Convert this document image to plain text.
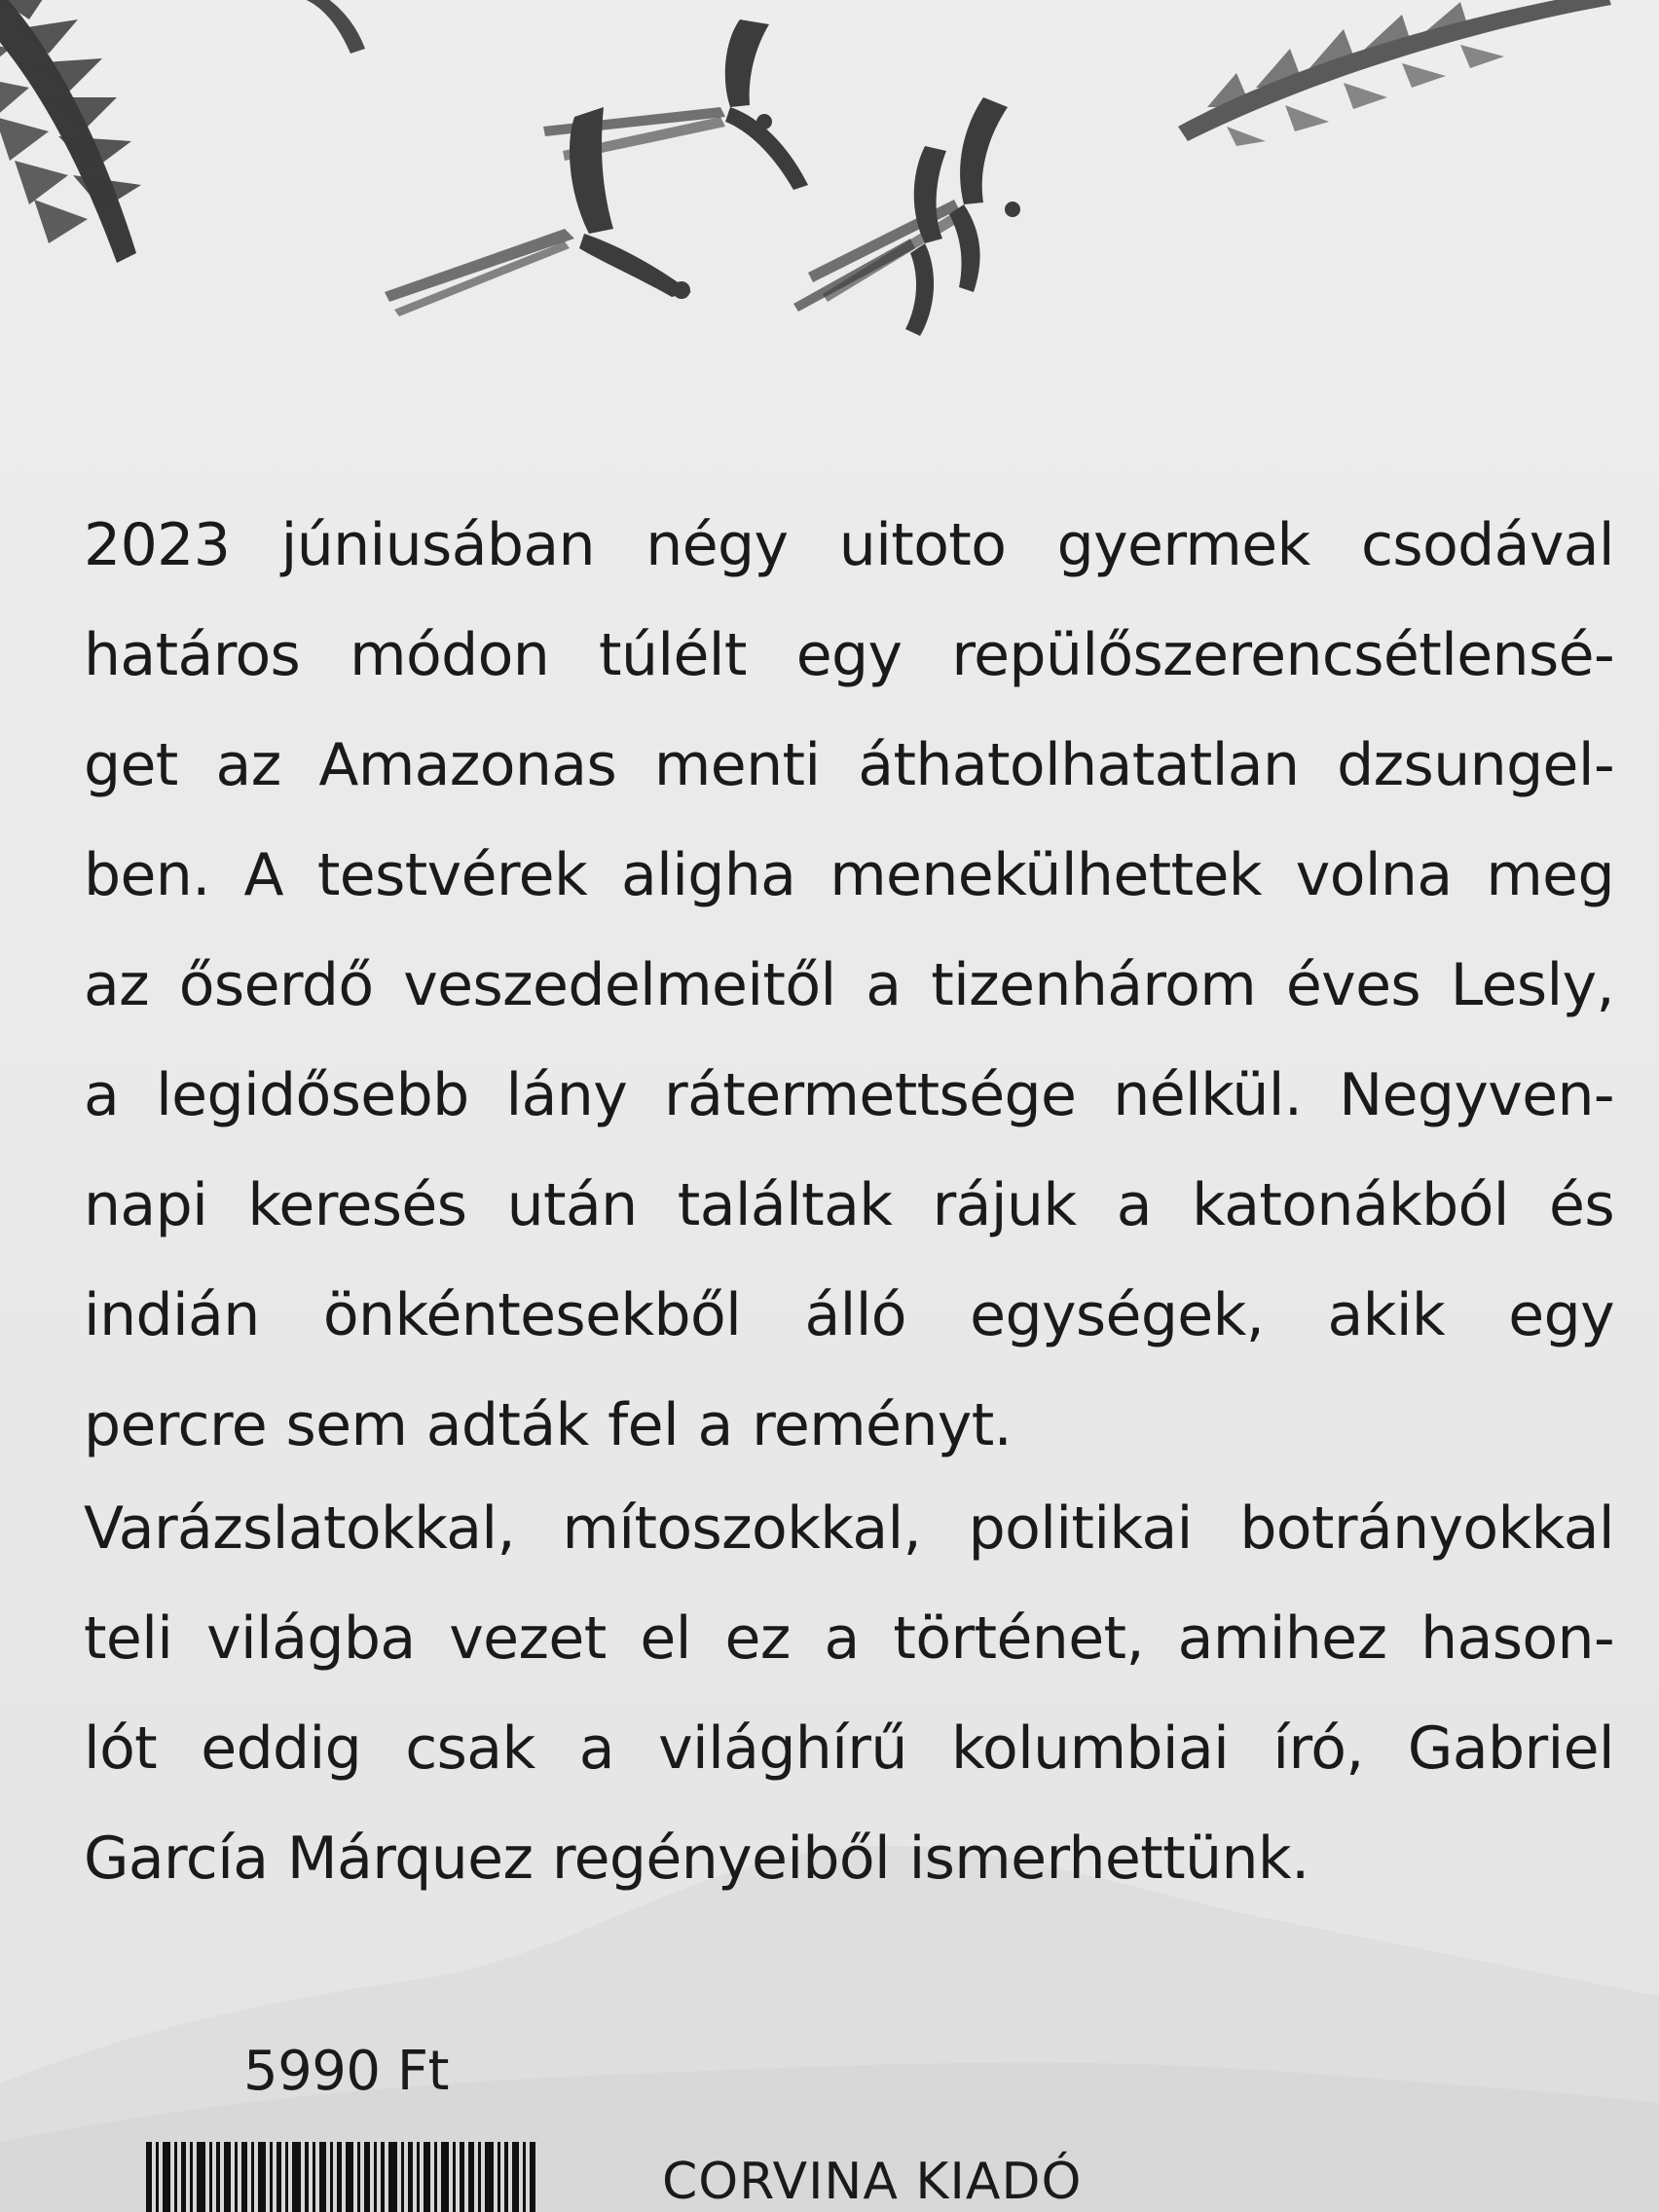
2023 júniusában négy uitoto gyermek csodával
határos módon túlélt egy repülőszerencsétlensé-
get az Amazonas menti áthatolhatatlan dzsungel-
ben. A testvérek aligha menekülhettek volna meg
az őserdő veszedelmeitől a tizenhárom éves Lesly,
a legidősebb lány rátermettsége nélkül. Negyven-
napi keresés után találtak rájuk a katonákból és
indián önkéntesekből álló egységek, akik egy
percre sem adták fel a reményt.

Varázslatokkal, mítoszokkal, politikai botrányokkal
teli világba vezet el ez a történet, amihez hason-
lót eddig csak a világhírű kolumbiai író, Gabriel
García Márquez regényeiből ismerhettünk.

5990 Ft
CORVINA KIADÓ
